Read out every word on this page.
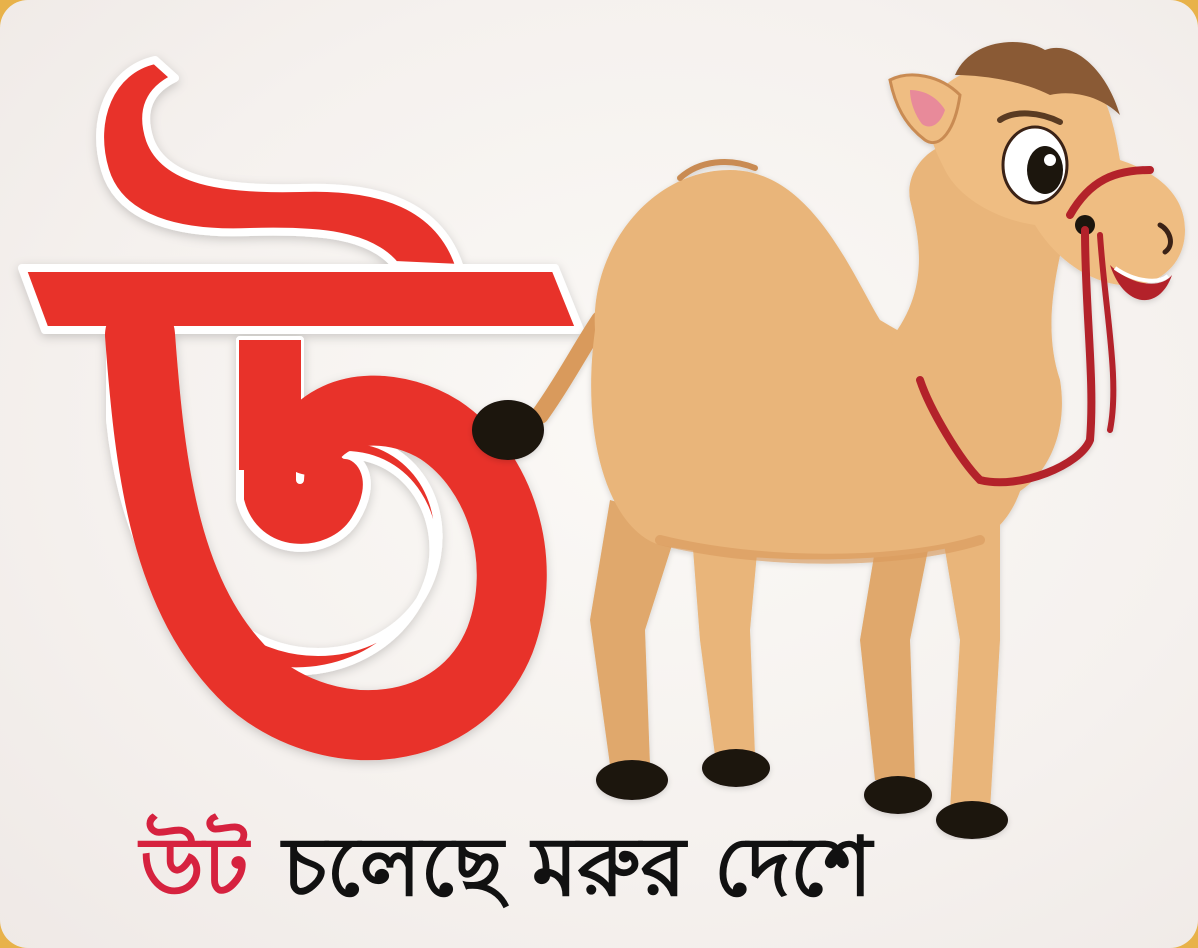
উট চলেছে মরুর দেশে
